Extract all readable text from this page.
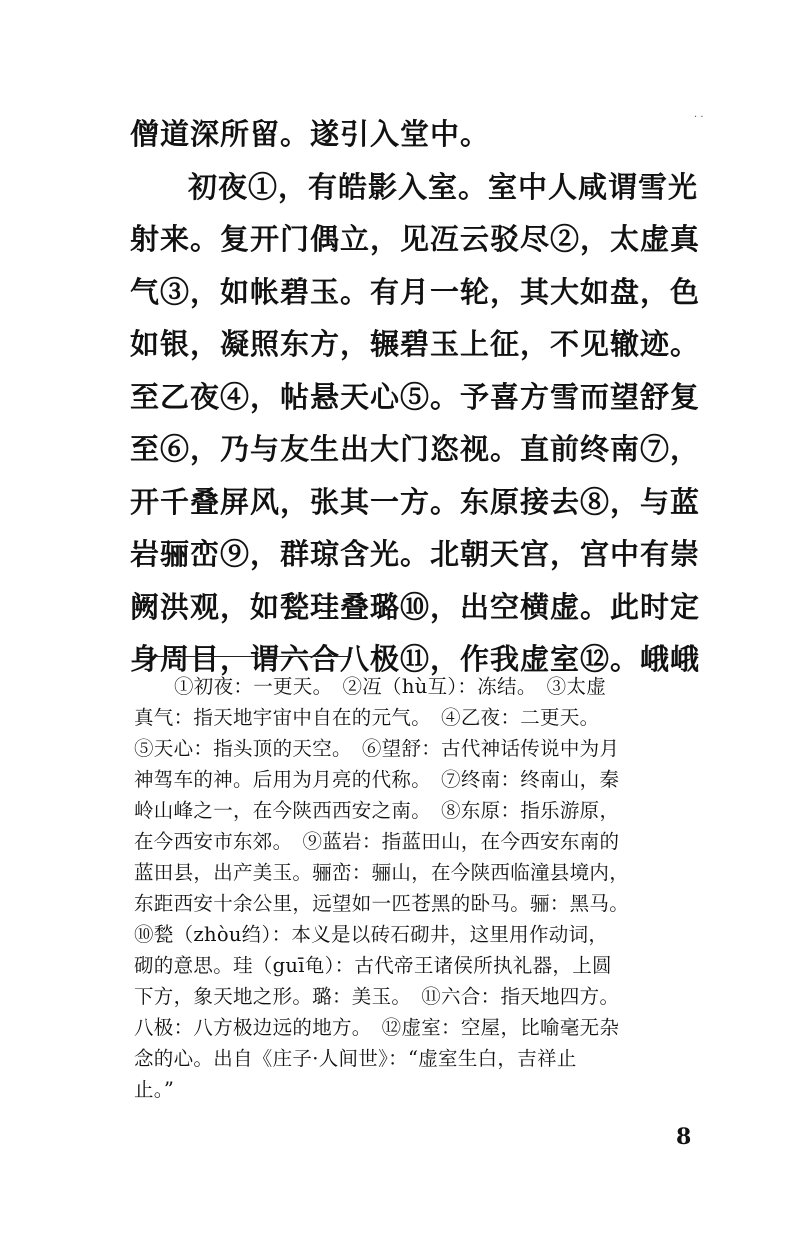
· ·
僧道深所留。遂引入堂中。
初夜①，有皓影入室。室中人咸谓雪光
射来。复开门偶立，见冱云驳尽②，太虚真
气③，如帐碧玉。有月一轮，其大如盘，色
如银，凝照东方，辗碧玉上征，不见辙迹。
至乙夜④，帖悬天心⑤。予喜方雪而望舒复
至⑥，乃与友生出大门恣视。直前终南⑦，
开千叠屏风，张其一方。东原接去⑧，与蓝
岩骊峦⑨，群琼含光。北朝天宫，宫中有崇
阙洪观，如甃珪叠璐⑩，出空横虚。此时定
身周目，谓六合八极⑪，作我虚室⑫。峨峨
①初夜：一更天。　②冱（hù互）：冻结。　③太虚
真气：指天地宇宙中自在的元气。　④乙夜：二更天。
⑤天心：指头顶的天空。　⑥望舒：古代神话传说中为月
神驾车的神。后用为月亮的代称。　⑦终南：终南山，秦
岭山峰之一，在今陕西西安之南。　⑧东原：指乐游原，
在今西安市东郊。　⑨蓝岩：指蓝田山，在今西安东南的
蓝田县，出产美玉。骊峦：骊山，在今陕西临潼县境内，
东距西安十余公里，远望如一匹苍黑的卧马。骊：黑马。
⑩甃（zhòu绉）：本义是以砖石砌井，这里用作动词，
砌的意思。珪（guī龟）：古代帝王诸侯所执礼器，上圆
下方，象天地之形。璐：美玉。　⑪六合：指天地四方。
八极：八方极边远的地方。　⑫虚室：空屋，比喻毫无杂
念的心。出自《庄子·人间世》：“虚室生白，吉祥止
止。”
8
